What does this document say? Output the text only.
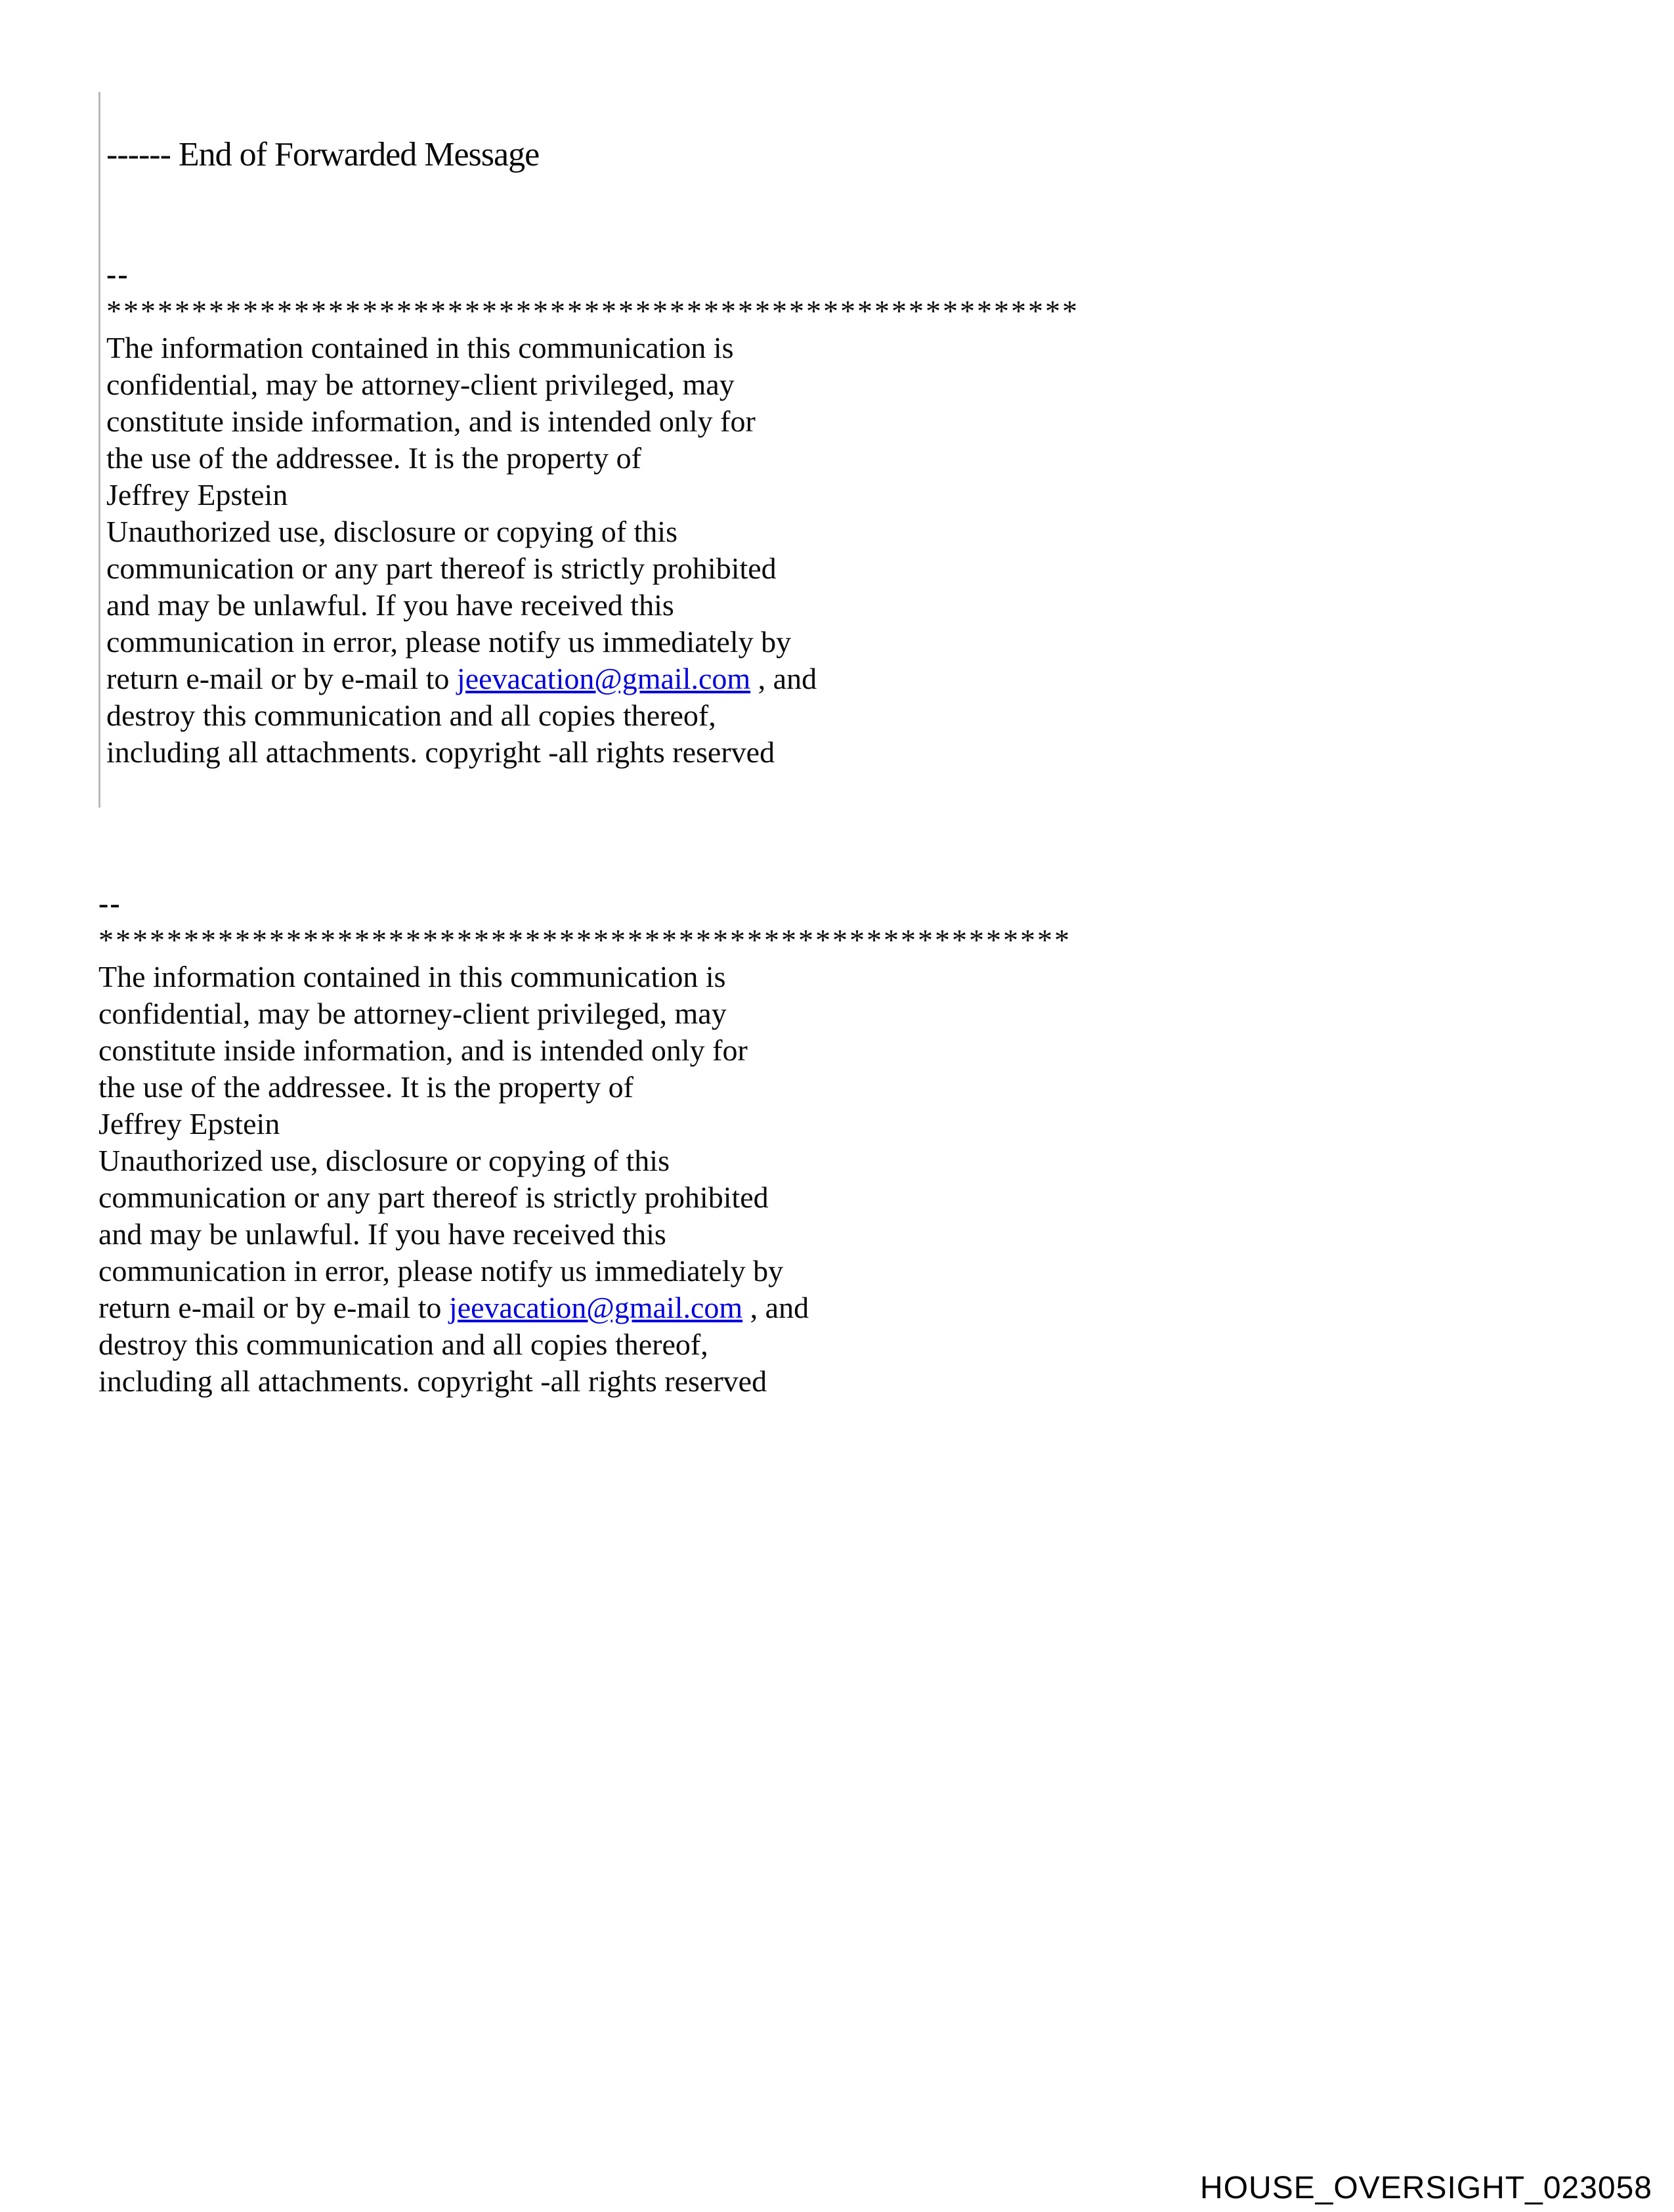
------ End of Forwarded Message
--
*********************************************************
The information contained in this communication is
confidential, may be attorney-client privileged, may
constitute inside information, and is intended only for
the use of the addressee. It is the property of
Jeffrey Epstein
Unauthorized use, disclosure or copying of this
communication or any part thereof is strictly prohibited
and may be unlawful. If you have received this
communication in error, please notify us immediately by
return e-mail or by e-mail to jeevacation@gmail.com , and
destroy this communication and all copies thereof,
including all attachments. copyright -all rights reserved
--
*********************************************************
The information contained in this communication is
confidential, may be attorney-client privileged, may
constitute inside information, and is intended only for
the use of the addressee. It is the property of
Jeffrey Epstein
Unauthorized use, disclosure or copying of this
communication or any part thereof is strictly prohibited
and may be unlawful. If you have received this
communication in error, please notify us immediately by
return e-mail or by e-mail to jeevacation@gmail.com , and
destroy this communication and all copies thereof,
including all attachments. copyright -all rights reserved
HOUSE_OVERSIGHT_023058
